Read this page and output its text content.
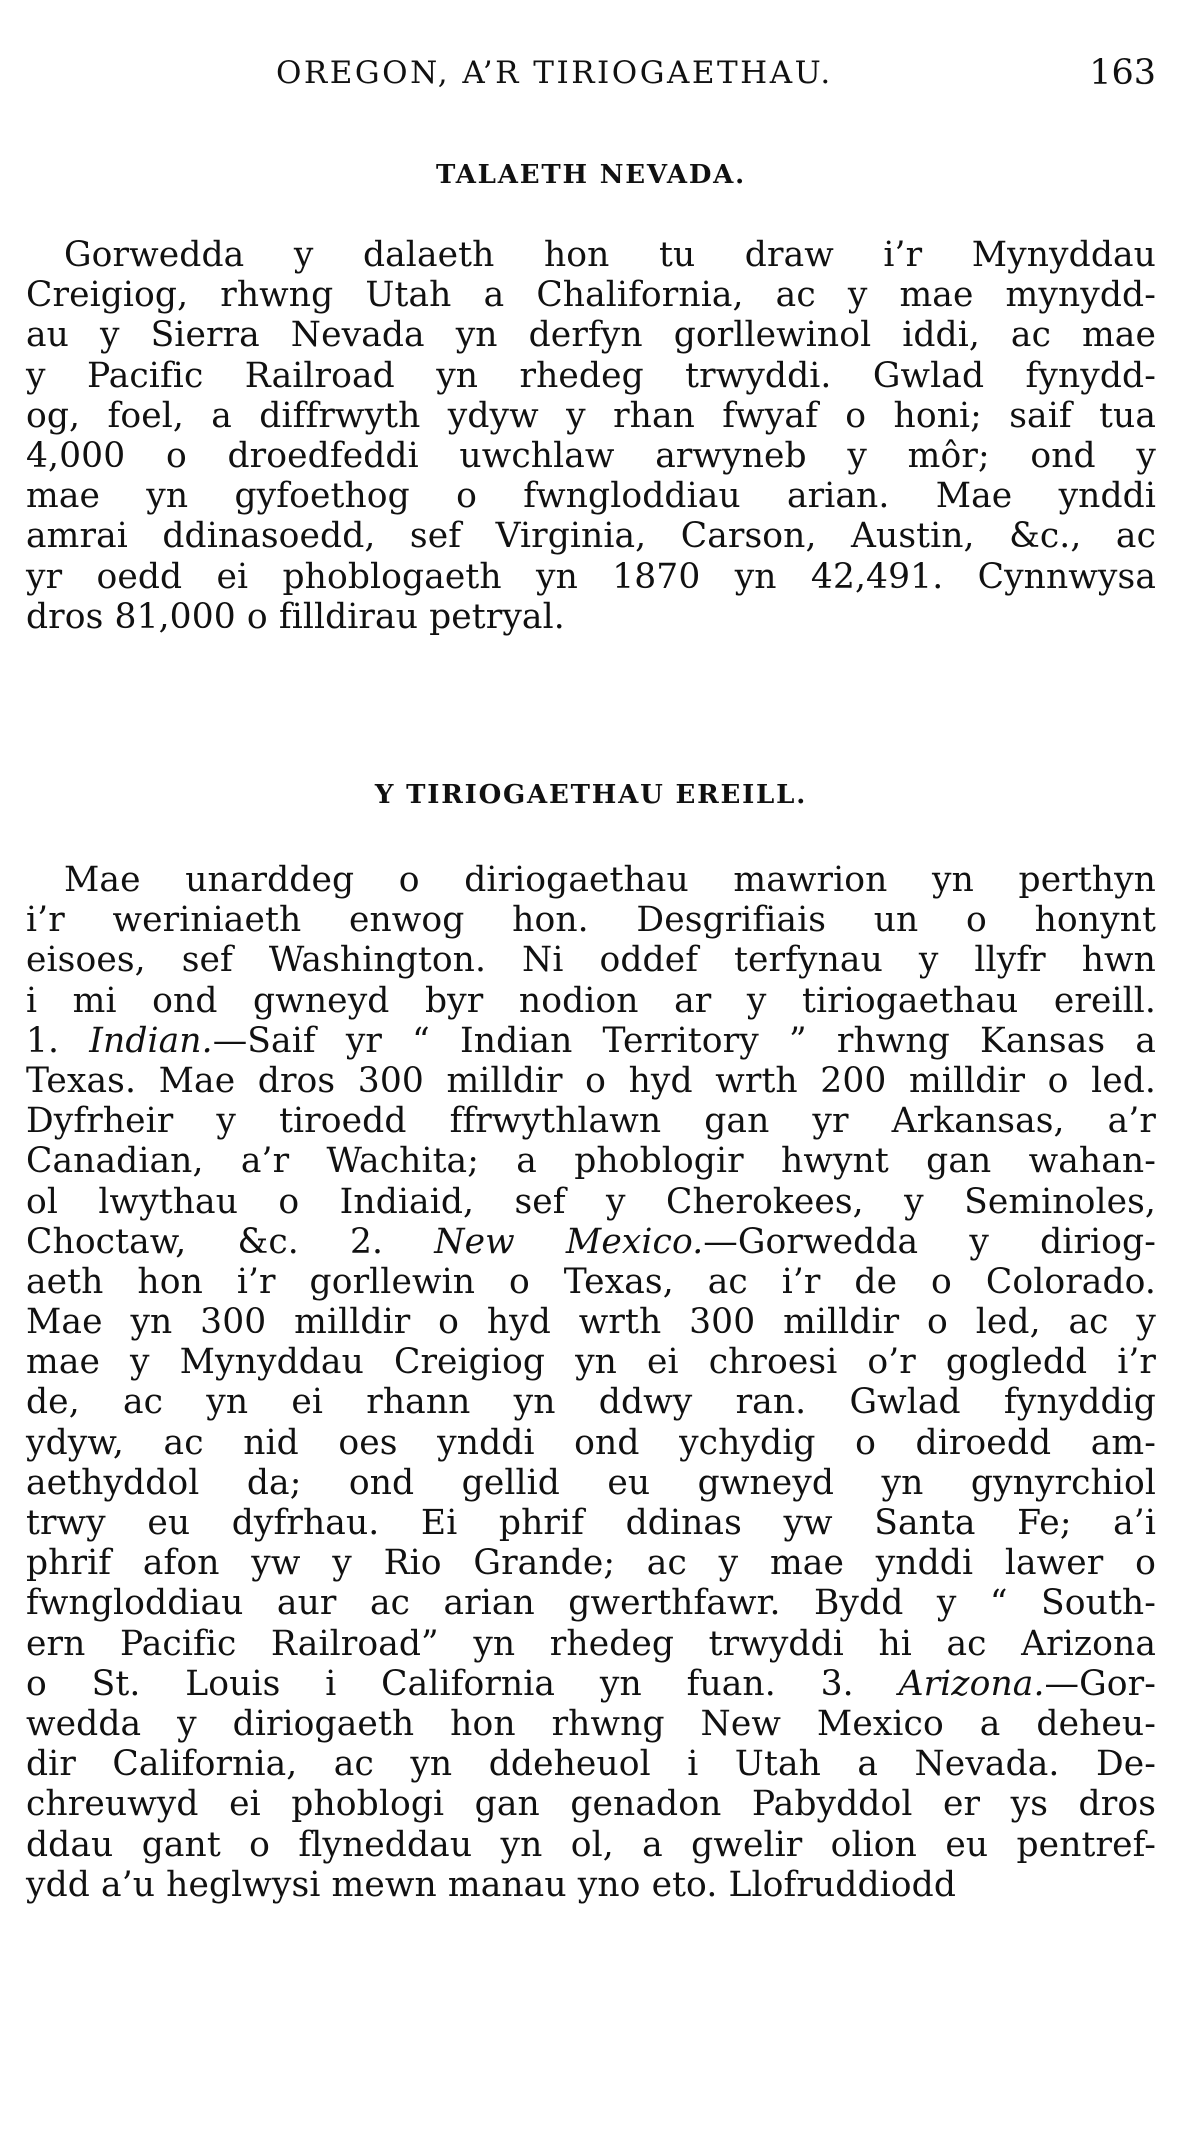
OREGON, A’R TIRIOGAETHAU.	163
TALAETH NEVADA.
Gorwedda y dalaeth hon tu draw i’r Mynyddau
Creigiog, rhwng Utah a Chalifornia, ac y mae mynydd-
au y Sierra Nevada yn derfyn gorllewinol iddi, ac mae
y Pacific Railroad yn rhedeg trwyddi. Gwlad fynydd-
og, foel, a diffrwyth ydyw y rhan fwyaf o honi; saif tua
4,000 o droedfeddi uwchlaw arwyneb y môr; ond y
mae yn gyfoethog o fwngloddiau arian. Mae ynddi
amrai ddinasoedd, sef Virginia, Carson, Austin, &c., ac
yr oedd ei phoblogaeth yn 1870 yn 42,491. Cynnwysa
dros 81,000 o filldirau petryal.
Y TIRIOGAETHAU EREILL.
Mae unarddeg o diriogaethau mawrion yn perthyn
i’r weriniaeth enwog hon. Desgrifiais un o honynt
eisoes, sef Washington. Ni oddef terfynau y llyfr hwn
i mi ond gwneyd byr nodion ar y tiriogaethau ereill.
1. Indian.—Saif yr “ Indian Territory ” rhwng Kansas a
Texas. Mae dros 300 milldir o hyd wrth 200 milldir o led.
Dyfrheir y tiroedd ffrwythlawn gan yr Arkansas, a’r
Canadian, a’r Wachita; a phoblogir hwynt gan wahan-
ol lwythau o Indiaid, sef y Cherokees, y Seminoles,
Choctaw, &c. 2. New Mexico.—Gorwedda y diriog-
aeth hon i’r gorllewin o Texas, ac i’r de o Colorado.
Mae yn 300 milldir o hyd wrth 300 milldir o led, ac y
mae y Mynyddau Creigiog yn ei chroesi o’r gogledd i’r
de, ac yn ei rhann yn ddwy ran. Gwlad fynyddig
ydyw, ac nid oes ynddi ond ychydig o diroedd am-
aethyddol da; ond gellid eu gwneyd yn gynyrchiol
trwy eu dyfrhau. Ei phrif ddinas yw Santa Fe; a’i
phrif afon yw y Rio Grande; ac y mae ynddi lawer o
fwngloddiau aur ac arian gwerthfawr. Bydd y “ South-
ern Pacific Railroad” yn rhedeg trwyddi hi ac Arizona
o St. Louis i California yn fuan. 3. Arizona.—Gor-
wedda y diriogaeth hon rhwng New Mexico a deheu-
dir California, ac yn ddeheuol i Utah a Nevada. De-
chreuwyd ei phoblogi gan genadon Pabyddol er ys dros
ddau gant o flyneddau yn ol, a gwelir olion eu pentref-
ydd a’u heglwysi mewn manau yno eto. Llofruddiodd
